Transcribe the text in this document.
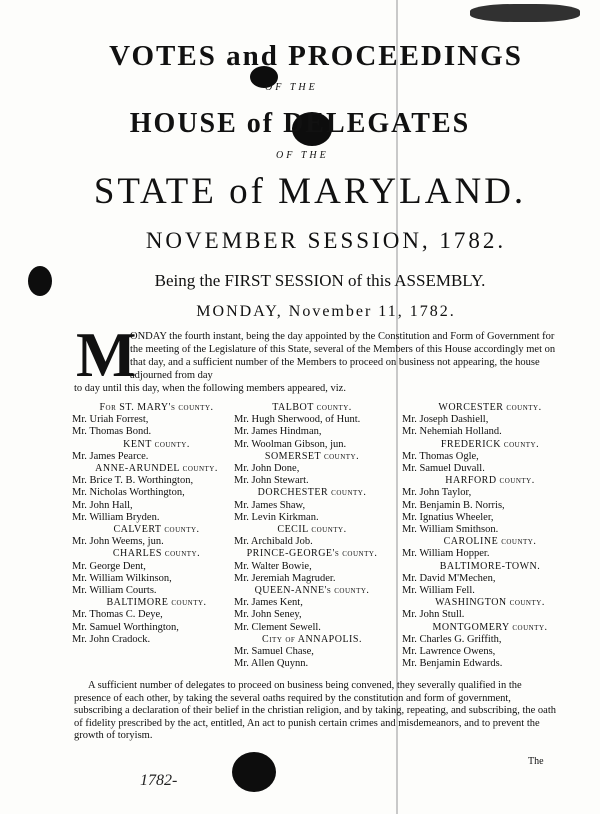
VOTES and PROCEEDINGS
OF THE
HOUSE of DELEGATES
OF THE
STATE of MARYLAND.
NOVEMBER SESSION, 1782.
Being the FIRST SESSION of this ASSEMBLY.
MONDAY, November 11, 1782.
M
ONDAY the fourth instant, being the day appointed by the Constitution and Form of Government for the meeting of the Legislature of this State, several of the Members of this House accordingly met on that day, and a sufficient number of the Members to proceed on business not appearing, the house adjourned from day
to day until this day, when the following members appeared, viz.
For ST. MARY's county.
Mr. Uriah Forrest,
Mr. Thomas Bond.
KENT county.
Mr. James Pearce.
ANNE-ARUNDEL county.
Mr. Brice T. B. Worthington,
Mr. Nicholas Worthington,
Mr. John Hall,
Mr. William Bryden.
CALVERT county.
Mr. John Weems, jun.
CHARLES county.
Mr. George Dent,
Mr. William Wilkinson,
Mr. William Courts.
BALTIMORE county.
Mr. Thomas C. Deye,
Mr. Samuel Worthington,
Mr. John Cradock.
TALBOT county.
Mr. Hugh Sherwood, of Hunt.
Mr. James Hindman,
Mr. Woolman Gibson, jun.
SOMERSET county.
Mr. John Done,
Mr. John Stewart.
DORCHESTER county.
Mr. James Shaw,
Mr. Levin Kirkman.
CECIL county.
Mr. Archibald Job.
PRINCE-GEORGE's county.
Mr. Walter Bowie,
Mr. Jeremiah Magruder.
QUEEN-ANNE's county.
Mr. James Kent,
Mr. John Seney,
Mr. Clement Sewell.
City of ANNAPOLIS.
Mr. Samuel Chase,
Mr. Allen Quynn.
WORCESTER county.
Mr. Joseph Dashiell,
Mr. Nehemiah Holland.
FREDERICK county.
Mr. Thomas Ogle,
Mr. Samuel Duvall.
HARFORD county.
Mr. John Taylor,
Mr. Benjamin B. Norris,
Mr. Ignatius Wheeler,
Mr. William Smithson.
CAROLINE county.
Mr. William Hopper.
BALTIMORE-TOWN.
Mr. David M'Mechen,
Mr. William Fell.
WASHINGTON county.
Mr. John Stull.
MONTGOMERY county.
Mr. Charles G. Griffith,
Mr. Lawrence Owens,
Mr. Benjamin Edwards.
A sufficient number of delegates to proceed on business being convened, they severally qualified in the presence of each other, by taking the several oaths required by the constitution and form of government, subscribing a declaration of their belief in the christian religion, and by taking, repeating, and subscribing, the oath of fidelity prescribed by the act, entitled, An act to punish certain crimes and misdemeanors, and to prevent the growth of toryism.
The
1782-
